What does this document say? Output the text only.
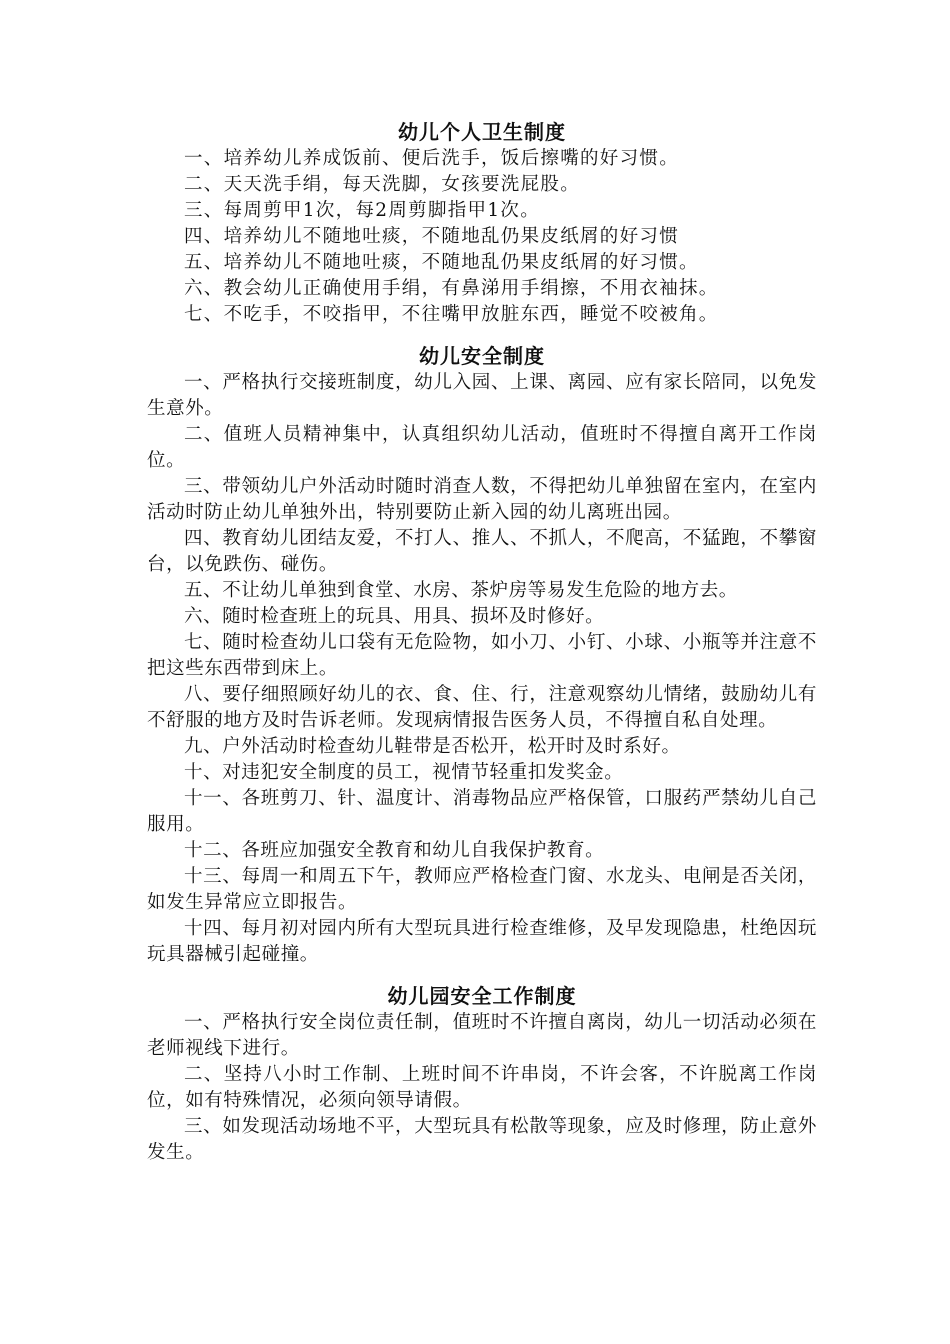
幼儿个人卫生制度

一、培养幼儿养成饭前、便后洗手，饭后擦嘴的好习惯。

二、天天洗手绢，每天洗脚，女孩要洗屁股。

三、每周剪甲1次，每2周剪脚指甲1次。

四、培养幼儿不随地吐痰，不随地乱仍果皮纸屑的好习惯

五、培养幼儿不随地吐痰，不随地乱仍果皮纸屑的好习惯。

六、教会幼儿正确使用手绢，有鼻涕用手绢擦，不用衣袖抹。

七、不吃手，不咬指甲，不往嘴甲放脏东西，睡觉不咬被角。

幼儿安全制度

一、严格执行交接班制度，幼儿入园、上课、离园、应有家长陪同，以免发生意外。

二、值班人员精神集中，认真组织幼儿活动，值班时不得擅自离开工作岗位。

三、带领幼儿户外活动时随时消查人数，不得把幼儿单独留在室内，在室内活动时防止幼儿单独外出，特别要防止新入园的幼儿离班出园。

四、教育幼儿团结友爱，不打人、推人、不抓人，不爬高，不猛跑，不攀窗台，以免跌伤、碰伤。

五、不让幼儿单独到食堂、水房、茶炉房等易发生危险的地方去。

六、随时检查班上的玩具、用具、损坏及时修好。

七、随时检查幼儿口袋有无危险物，如小刀、小钉、小球、小瓶等并注意不把这些东西带到床上。

八、要仔细照顾好幼儿的衣、食、住、行，注意观察幼儿情绪，鼓励幼儿有不舒服的地方及时告诉老师。发现病情报告医务人员，不得擅自私自处理。

九、户外活动时检查幼儿鞋带是否松开，松开时及时系好。

十、对违犯安全制度的员工，视情节轻重扣发奖金。

十一、各班剪刀、针、温度计、消毒物品应严格保管，口服药严禁幼儿自己服用。

十二、各班应加强安全教育和幼儿自我保护教育。

十三、每周一和周五下午，教师应严格检查门窗、水龙头、电闸是否关闭，如发生异常应立即报告。

十四、每月初对园内所有大型玩具进行检查维修，及早发现隐患，杜绝因玩玩具器械引起碰撞。

幼儿园安全工作制度

一、严格执行安全岗位责任制，值班时不许擅自离岗，幼儿一切活动必须在老师视线下进行。

二、坚持八小时工作制、上班时间不许串岗，不许会客，不许脱离工作岗位，如有特殊情况，必须向领导请假。

三、如发现活动场地不平，大型玩具有松散等现象，应及时修理，防止意外发生。
